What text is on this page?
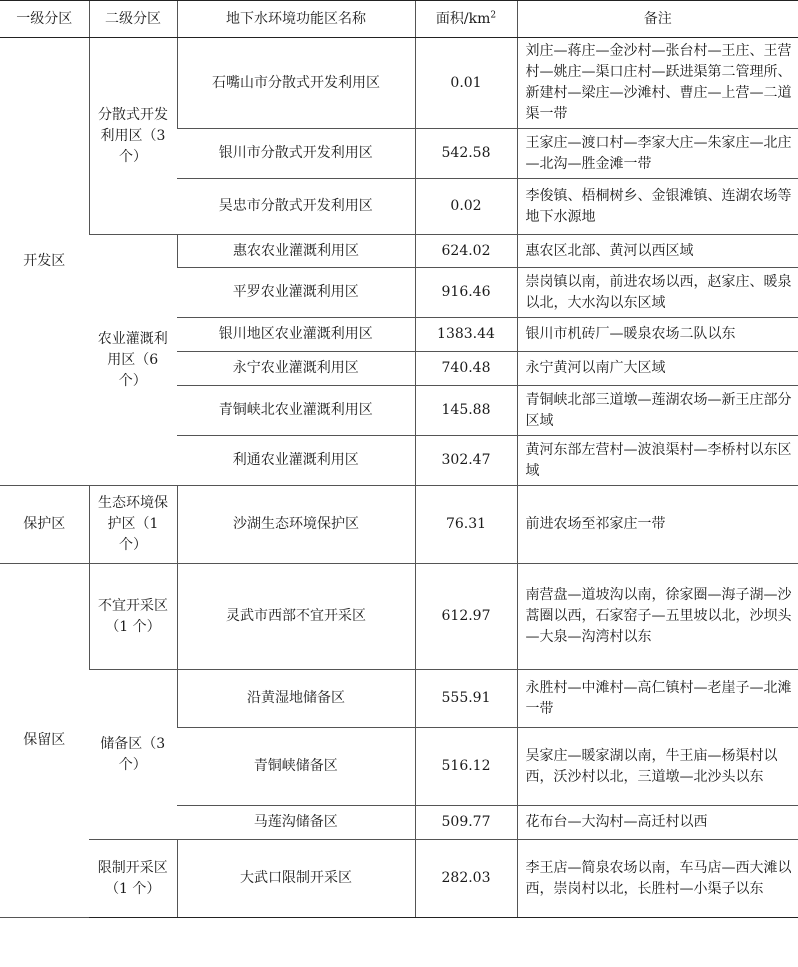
一级分区	二级分区	地下水环境功能区名称	面积$/km^2$	备注
开发区	分散式开发利用区（3 个）	石嘴山市分散式开发利用区	0.01	刘庄—蒋庄—金沙村—张台村—王庄、王营村—姚庄—渠口庄村—跃进渠第二管理所、新建村—梁庄—沙滩村、曹庄—上营—二道渠一带
		银川市分散式开发利用区	542.58	王家庄—渡口村—李家大庄—朱家庄—北庄—北沟—胜金滩一带
		吴忠市分散式开发利用区	0.02	李俊镇、梧桐树乡、金银滩镇、连湖农场等地下水源地
	农业灌溉利用区（6 个）	惠农农业灌溉利用区	624.02	惠农区北部、黄河以西区域
		平罗农业灌溉利用区	916.46	崇岗镇以南，前进农场以西，赵家庄、暖泉以北，大水沟以东区域
		银川地区农业灌溉利用区	1383.44	银川市机砖厂—暖泉农场二队以东
		永宁农业灌溉利用区	740.48	永宁黄河以南广大区域
		青铜峡北农业灌溉利用区	145.88	青铜峡北部三道墩—莲湖农场—新王庄部分区域
		利通农业灌溉利用区	302.47	黄河东部左营村—波浪渠村—李桥村以东区域
保护区	生态环境保护区（1 个）	沙湖生态环境保护区	76.31	前进农场至祁家庄一带
保留区	不宜开采区（1 个）	灵武市西部不宜开采区	612.97	南营盘—道坡沟以南，徐家圈—海子湖—沙蒿圈以西，石家窑子—五里坡以北，沙坝头—大泉—沟湾村以东
	储备区（3 个）	沿黄湿地储备区	555.91	永胜村—中滩村—高仁镇村—老崖子—北滩一带
		青铜峡储备区	516.12	吴家庄—暖家湖以南，牛王庙—杨渠村以西，沃沙村以北，三道墩—北沙头以东
		马莲沟储备区	509.77	花布台—大沟村—高迁村以西
	限制开采区（1 个）	大武口限制开采区	282.03	李王店—简泉农场以南，车马店—西大滩以西，崇岗村以北，长胜村—小渠子以东
